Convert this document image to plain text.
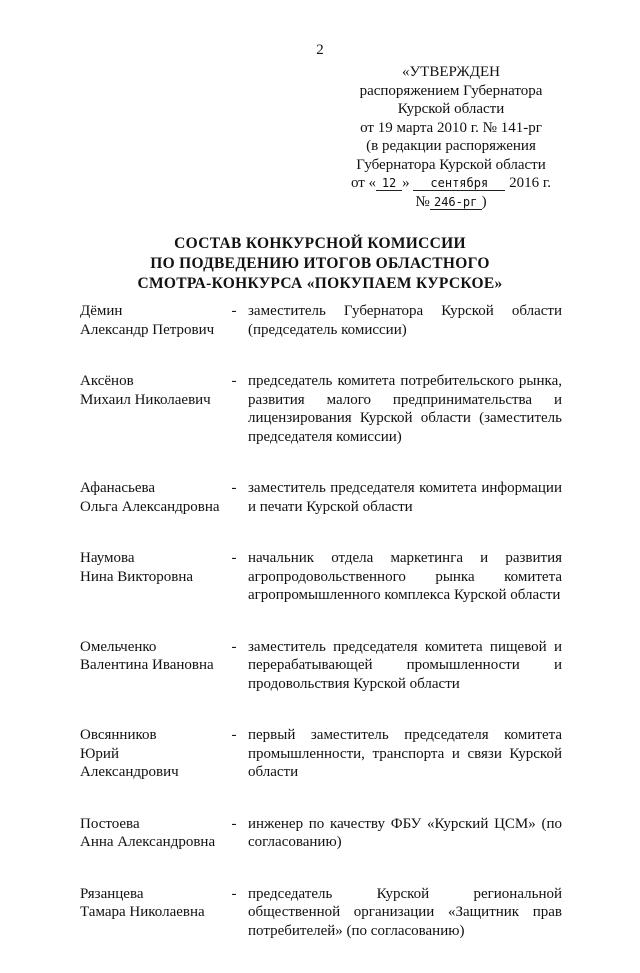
2
«УТВЕРЖДЕН
распоряжением Губернатора
Курской области
от 19 марта 2010 г. № 141-рг
(в редакции распоряжения
Губернатора Курской области
от « 12 » сентября 2016 г.
№ 246-рг )
СОСТАВ КОНКУРСНОЙ КОМИССИИ
ПО ПОДВЕДЕНИЮ ИТОГОВ ОБЛАСТНОГО
СМОТРА-КОНКУРСА «ПОКУПАЕМ КУРСКОЕ»
Дёмин
Александр Петрович
- заместитель Губернатора Курской области (председатель комиссии)
Аксёнов
Михаил Николаевич
- председатель комитета потребительского рынка, развития малого предпринимательства и лицензирования Курской области (заместитель председателя комиссии)
Афанасьева
Ольга Александровна
- заместитель председателя комитета информации и печати Курской области
Наумова
Нина Викторовна
- начальник отдела маркетинга и развития агропродовольственного рынка комитета агропромышленного комплекса Курской области
Омельченко
Валентина Ивановна
- заместитель председателя комитета пищевой и перерабатывающей промышленности и продовольствия Курской области
Овсянников
Юрий Александрович
- первый заместитель председателя комитета промышленности, транспорта и связи Курской области
Постоева
Анна Александровна
- инженер по качеству ФБУ «Курский ЦСМ» (по согласованию)
Рязанцева
Тамара Николаевна
- председатель Курской региональной общественной организации «Защитник прав потребителей» (по согласованию)
